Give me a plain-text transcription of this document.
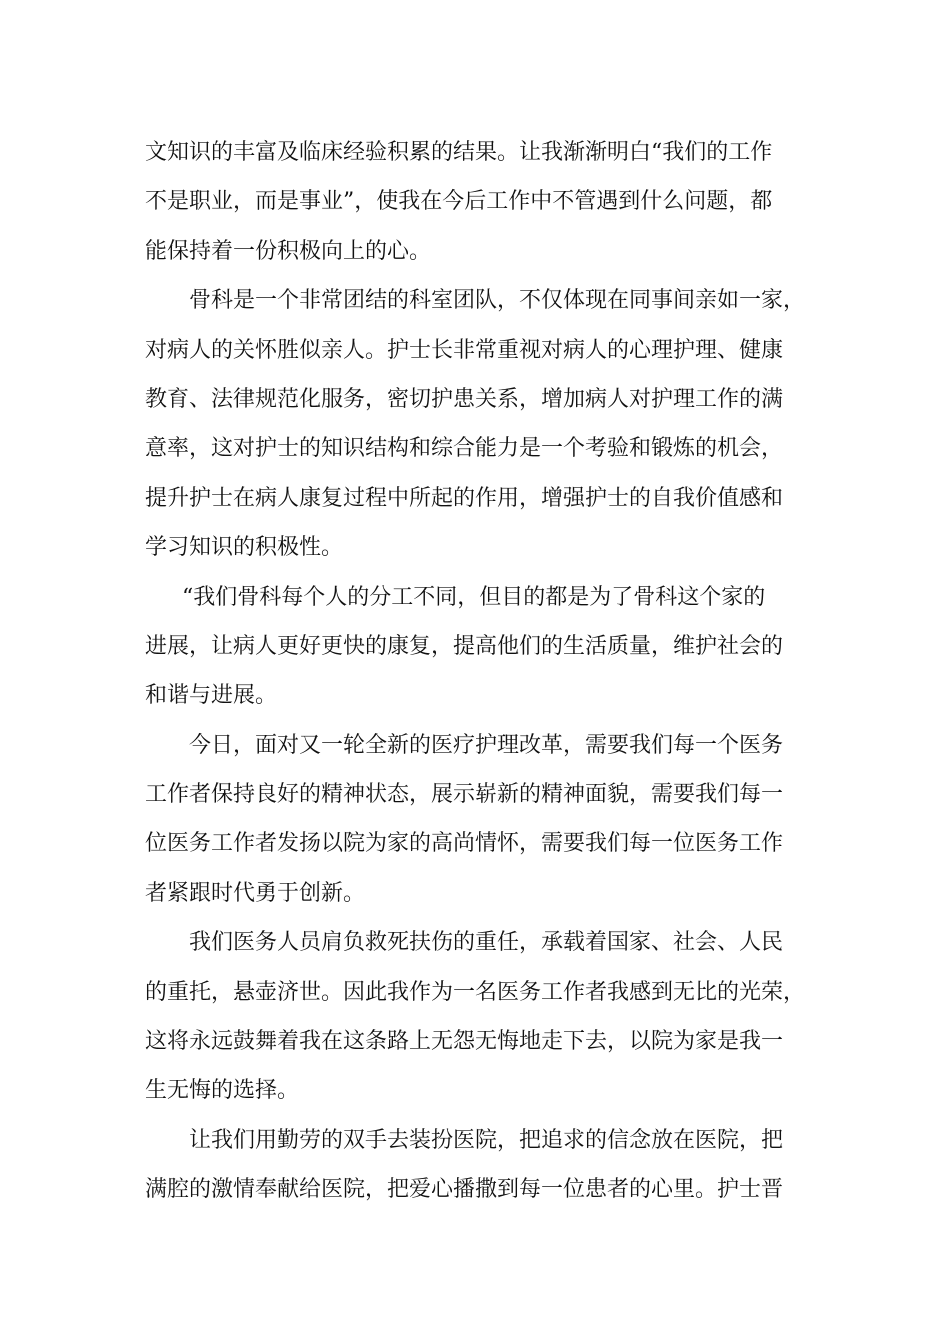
文知识的丰富及临床经验积累的结果。让我渐渐明白“我们的工作

不是职业，而是事业”，使我在今后工作中不管遇到什么问题，都

能保持着一份积极向上的心。

骨科是一个非常团结的科室团队，不仅体现在同事间亲如一家，

对病人的关怀胜似亲人。护士长非常重视对病人的心理护理、健康

教育、法律规范化服务，密切护患关系，增加病人对护理工作的满

意率，这对护士的知识结构和综合能力是一个考验和锻炼的机会，

提升护士在病人康复过程中所起的作用，增强护士的自我价值感和

学习知识的积极性。

“我们骨科每个人的分工不同，但目的都是为了骨科这个家的

进展，让病人更好更快的康复，提高他们的生活质量，维护社会的

和谐与进展。

今日，面对又一轮全新的医疗护理改革，需要我们每一个医务

工作者保持良好的精神状态，展示崭新的精神面貌，需要我们每一

位医务工作者发扬以院为家的高尚情怀，需要我们每一位医务工作

者紧跟时代勇于创新。

我们医务人员肩负救死扶伤的重任，承载着国家、社会、人民

的重托，悬壶济世。因此我作为一名医务工作者我感到无比的光荣，

这将永远鼓舞着我在这条路上无怨无悔地走下去，以院为家是我一

生无悔的选择。

让我们用勤劳的双手去装扮医院，把追求的信念放在医院，把

满腔的激情奉献给医院，把爱心播撒到每一位患者的心里。护士晋
